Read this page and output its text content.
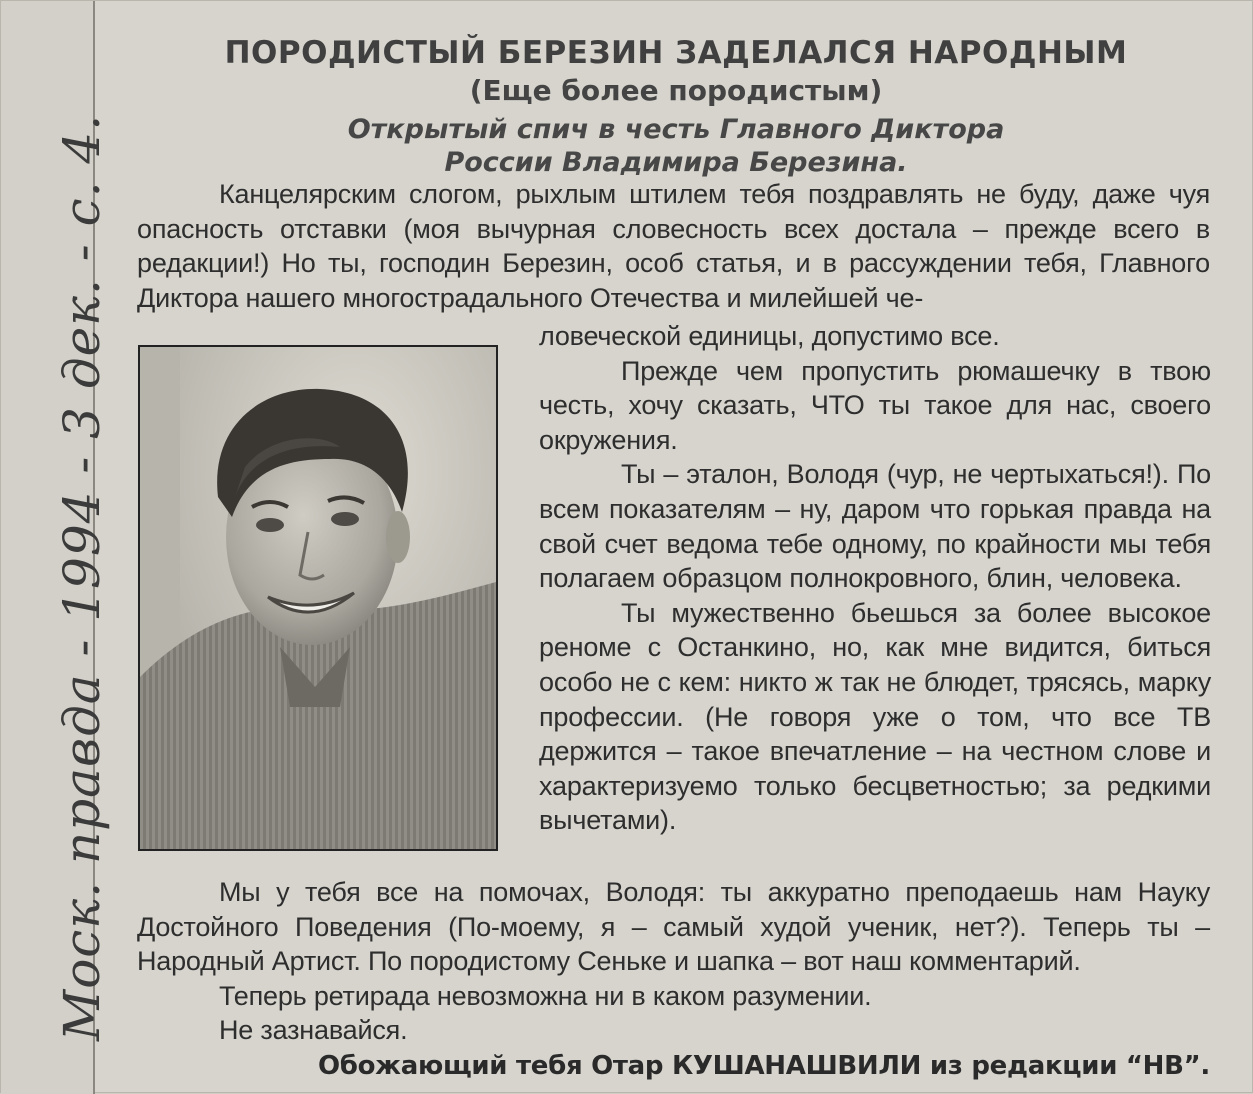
Моск. правда - 1994 - 3 дек. - с. 4.
ПОРОДИСТЫЙ БЕРЕЗИН ЗАДЕЛАЛСЯ НАРОДНЫМ
(Еще более породистым)
Открытый спич в честь Главного Диктора
России Владимира Березина.

Канцелярским слогом, рыхлым штилем тебя поздравлять не буду, даже чуя опасность отставки (моя вычурная словесность всех достала – прежде всего в редакции!) Но ты, господин Березин, особ статья, и в рассуждении тебя, Главного Диктора нашего многострадального Отечества и милейшей че-

ловеческой единицы, допустимо все.

Прежде чем пропустить рюмашечку в твою честь, хочу сказать, ЧТО ты такое для нас, своего окружения.

Ты – эталон, Володя (чур, не чертыхаться!). По всем показателям – ну, даром что горькая правда на свой счет ведома тебе одному, по крайности мы тебя полагаем образцом полнокровного, блин, человека.

Ты мужественно бьешься за более высокое реноме с Останкино, но, как мне видится, биться особо не с кем: никто ж так не блюдет, трясясь, марку профессии. (Не говоря уже о том, что все ТВ держится – такое впечатление – на честном слове и характеризуемо только бесцветностью; за редкими вычетами).

Мы у тебя все на помочах, Володя: ты аккуратно преподаешь нам Науку Достойного Поведения (По-моему, я – самый худой ученик, нет?). Теперь ты – Народный Артист. По породистому Сеньке и шапка – вот наш комментарий.

Теперь ретирада невозможна ни в каком разумении.

Не зазнавайся.

Обожающий тебя Отар КУШАНАШВИЛИ из редакции “НВ”.
